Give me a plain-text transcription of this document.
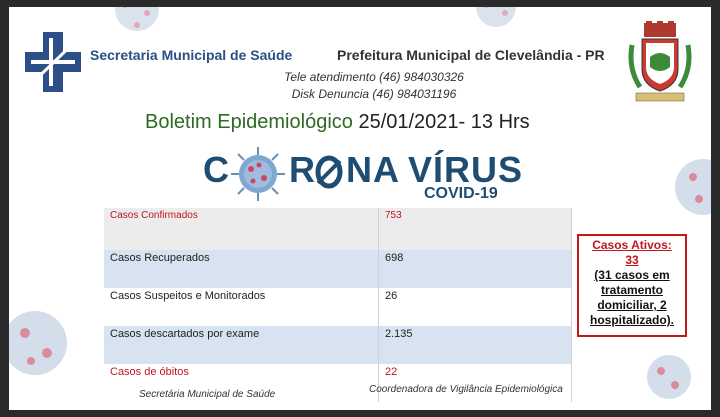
Secretaria Municipal de Saúde	Prefeitura Municipal de Clevelândia - PR
Tele atendimento (46) 984030326
Disk Denuncia (46) 984031196
Boletim Epidemiológico 25/01/2021- 13 Hrs
C R NA VÍRUS
COVID-19
Casos Confirmados	753
Casos Recuperados	698
Casos Suspeitos e Monitorados	26
Casos descartados por exame	2.135
Casos de óbitos	22
Casos Ativos:
33
(31 casos em
tratamento
domiciliar, 2
hospitalizado).
Secretária Municipal de Saúde	Coordenadora de Vigilância Epidemiológica
